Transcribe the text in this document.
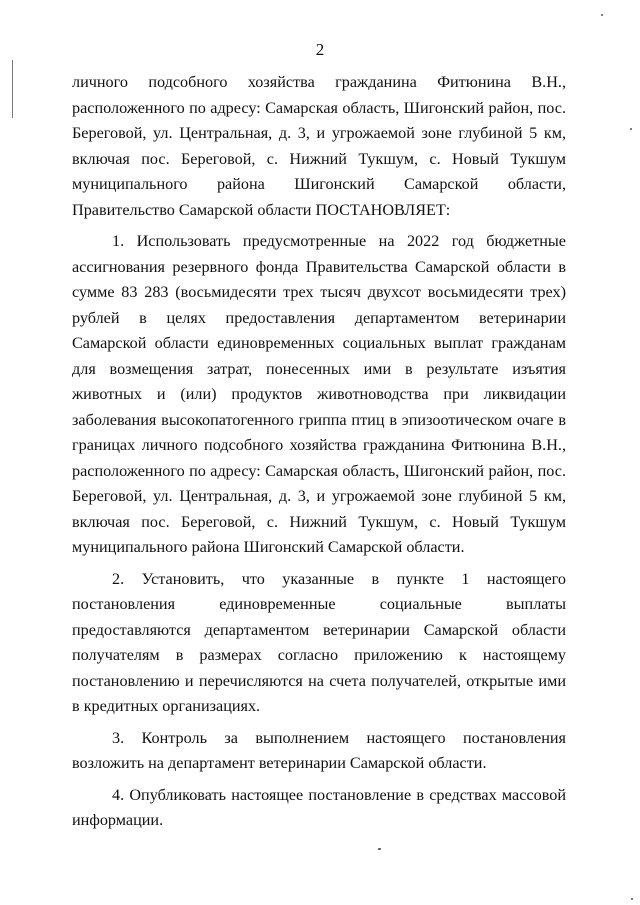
2

личного подсобного хозяйства гражданина Фитюнина В.Н., расположенного по адресу: Самарская область, Шигонский район, пос. Береговой, ул. Центральная, д. 3, и угрожаемой зоне глубиной 5 км, включая пос. Береговой, с. Нижний Тукшум, с. Новый Тукшум муниципального района Шигонский Самарской области, Правительство Самарской области ПОСТАНОВЛЯЕТ:

1. Использовать предусмотренные на 2022 год бюджетные ассигнования резервного фонда Правительства Самарской области в сумме 83 283 (восьмидесяти трех тысяч двухсот восьмидесяти трех) рублей в целях предоставления департаментом ветеринарии Самарской области единовременных социальных выплат гражданам для возмещения затрат, понесенных ими в результате изъятия животных и (или) продуктов животноводства при ликвидации заболевания высокопатогенного гриппа птиц в эпизоотическом очаге в границах личного подсобного хозяйства гражданина Фитюнина В.Н., расположенного по адресу: Самарская область, Шигонский район, пос. Береговой, ул. Центральная, д. 3, и угрожаемой зоне глубиной 5 км, включая пос. Береговой, с. Нижний Тукшум, с. Новый Тукшум муниципального района Шигонский Самарской области.

2. Установить, что указанные в пункте 1 настоящего постановления единовременные социальные выплаты предоставляются департаментом ветеринарии Самарской области получателям в размерах согласно приложению к настоящему постановлению и перечисляются на счета получателей, открытые ими в кредитных организациях.

3. Контроль за выполнением настоящего постановления возложить на департамент ветеринарии Самарской области.

4. Опубликовать настоящее постановление в средствах массовой информации.
